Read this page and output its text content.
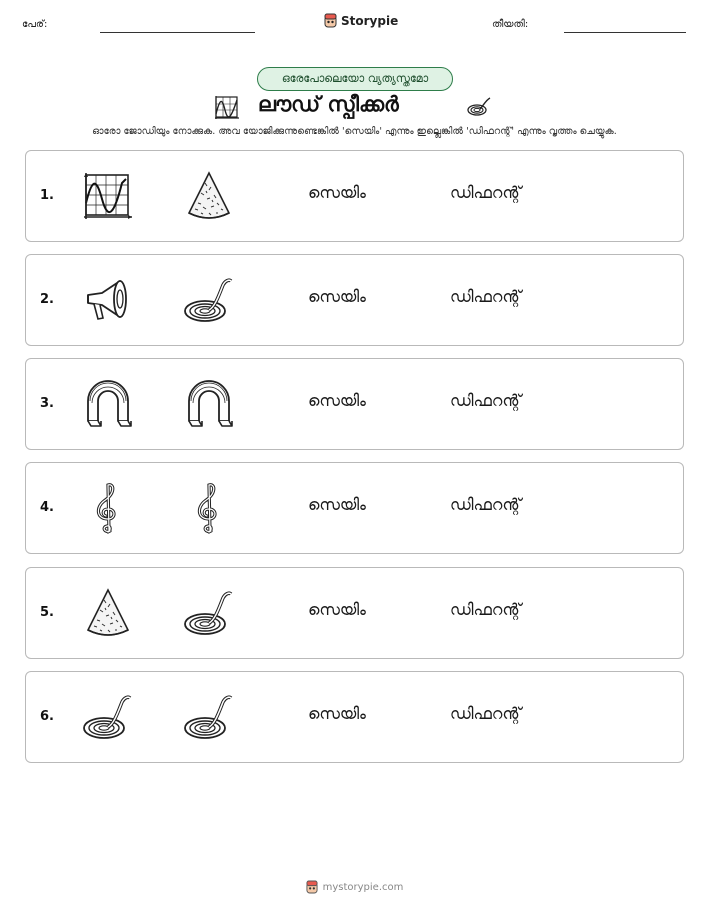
പേര്:	Storypie	തീയതി:
ഒരേപോലെയോ വ്യത്യസ്തമോ
ലൗഡ് സ്പീക്കർ
ഓരോ ജോഡിയും നോക്കുക. അവ യോജിക്കുന്നുണ്ടെങ്കിൽ 'സെയിം' എന്നും ഇല്ലെങ്കിൽ 'ഡിഫറന്റ്' എന്നും വൃത്തം ചെയ്യുക.
1.	സെയിം	ഡിഫറന്റ്
2.	സെയിം	ഡിഫറന്റ്
3.	സെയിം	ഡിഫറന്റ്
4.	സെയിം	ഡിഫറന്റ്
5.	സെയിം	ഡിഫറന്റ്
6.	സെയിം	ഡിഫറന്റ്
mystorypie.com
